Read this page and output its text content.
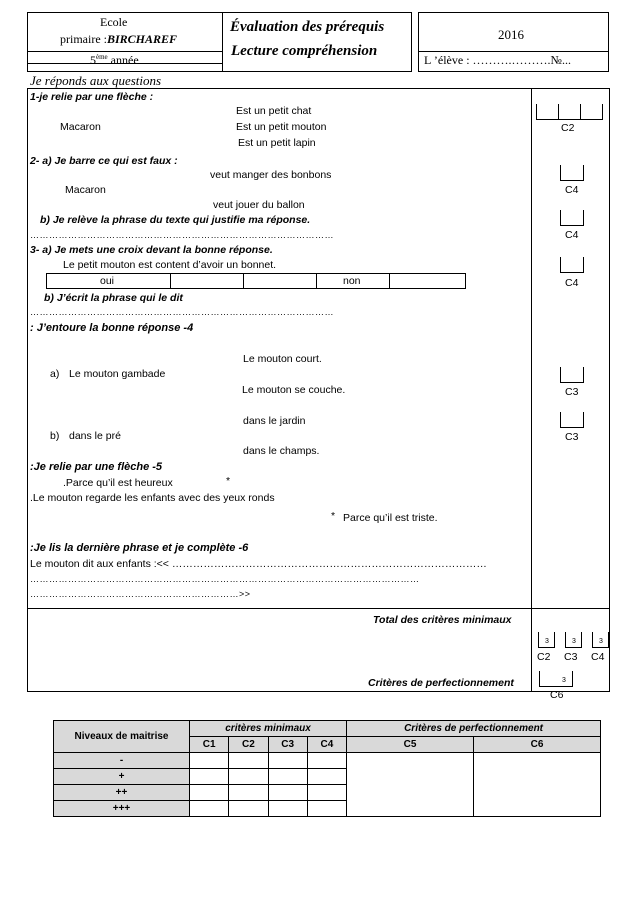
Ecole
primaire :BIRCHAREF
5ème année
Évaluation des prérequis
Lecture compréhension
2016
L ’élève : ……….……….№...
Je réponds aux questions
1-je relie par une flèche :
Est un petit chat
Macaron	Est un petit mouton
Est un petit lapin
C2
2- a) Je barre ce qui est faux :
veut manger des bonbons
Macaron
veut jouer du ballon
C4
b) Je relève la phrase du texte qui justifie ma réponse.
……………………………………………………………………………………	C4
3- a) Je mets une croix devant la bonne réponse.
Le petit mouton est content d’avoir un bonnet.
oui	non
b) J’écrit la phrase qui le dit
……………………………………………………………………………………
C4
: J’entoure la bonne réponse -4
Le mouton court.
a) Le mouton gambade
Le mouton se couche.	C3
dans le jardin
b) dans le pré
dans le champs.
C3
:Je relie par une flèche -5
.Parce qu’il est heureux	*
.Le mouton regarde les enfants avec des yeux ronds
* Parce qu’il est triste.
:Je lis la dernière phrase et je complète -6
Le mouton dit aux enfants :<< ………………………………………………………………………………
……………………………………………………………………………………………………………
…………………………………………………………>>
Total des critères minimaux
3	3	3
C2 C3 C4
Critères de perfectionnement	3
C6
Niveaux de maitrise	critères minimaux				Critères de perfectionnement	
	C1	C2	C3	C4	C5	C6
-						
+						
++						
+++						
